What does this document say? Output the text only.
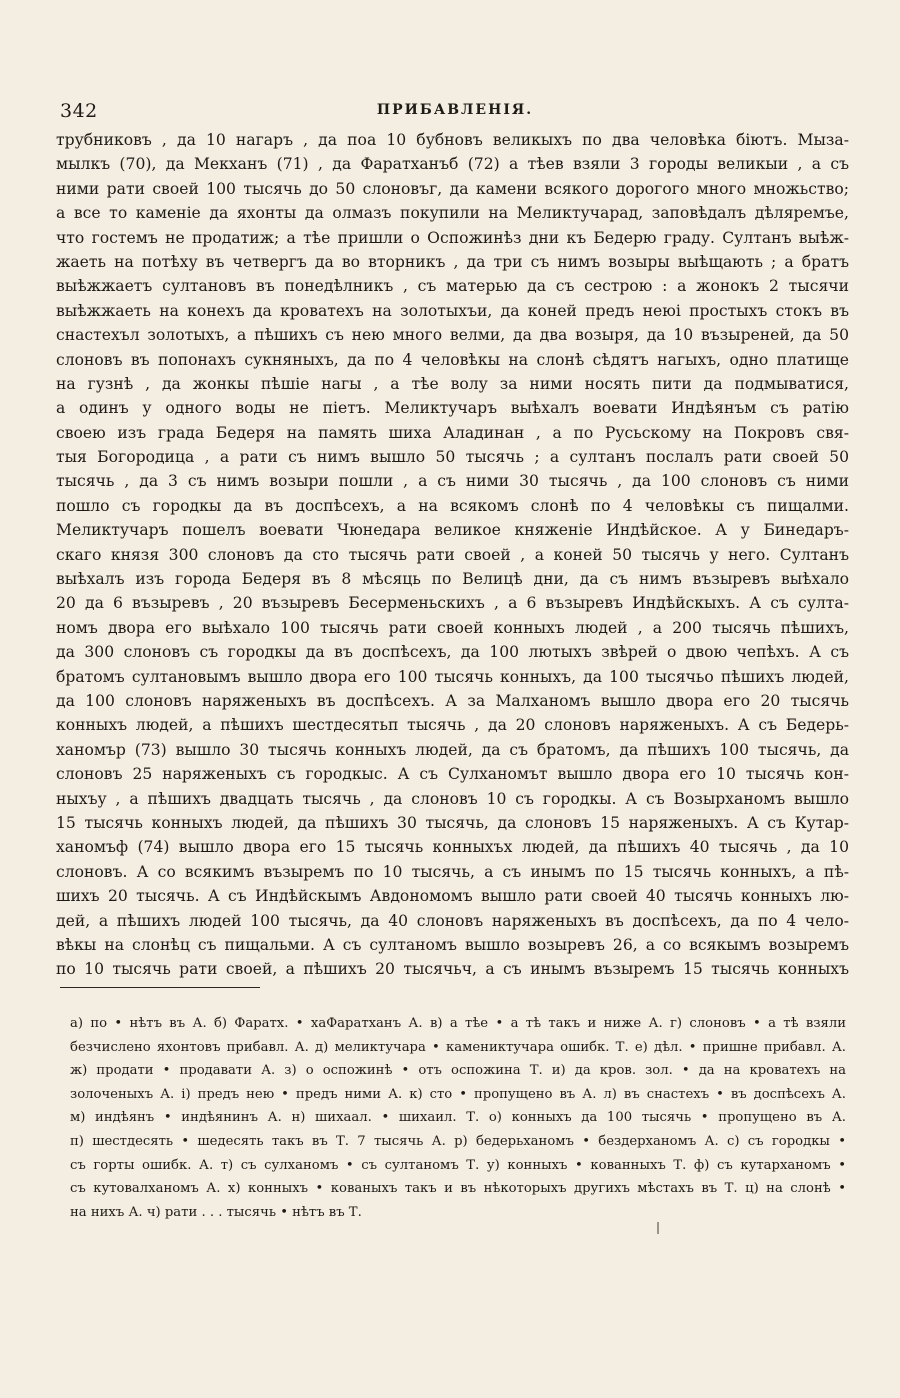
342	ПРИБАВЛЕНІЯ.
трубниковъ , да 10 нагаръ , да поа 10 бубновъ великыхъ по два человѣка біютъ. Мыза-
мылкъ (70), да Мекханъ (71) , да Фаратханъб (72) а тѣев взяли 3 городы великыи , а съ
ними рати своей 100 тысячь до 50 слоновъг, да камени всякого дорогого много множьство;
а все то каменіе да яхонты да олмазъ покупили на Меликтучарад, заповѣдалъ дѣляремъе,
что гостемъ не продатиж; а тѣе пришли о Оспожинѣз дни къ Бедерю граду. Султанъ выѣж-
жаеть на потѣху въ четвергъ да во вторникъ , да три съ нимъ возыры выѣщають ; а братъ
выѣжжаетъ султановъ въ понедѣлникъ , съ матерью да съ сестрою : а жонокъ 2 тысячи
выѣжжаеть на конехъ да кроватехъ на золотыхъи, да коней предъ неюі простыхъ стокъ въ
снастехъл золотыхъ, а пѣшихъ съ нею много велми, да два возыря, да 10 възыреней, да 50
слоновъ въ попонахъ сукняныхъ, да по 4 человѣкы на слонѣ сѣдятъ нагыхъ, одно платище
на гузнѣ , да жонкы пѣшіе нагы , а тѣе волу за ними носять пити да подмыватися,
а одинъ у одного воды не піетъ. Меликтучаръ выѣхалъ воевати Индѣянъм съ ратію
своею изъ града Бедеря на память шиха Аладинан , а по Русьскому на Покровъ свя-
тыя Богородица , а рати съ нимъ вышло 50 тысячь ; а султанъ послалъ рати своей 50
тысячь , да 3 съ нимъ возыри пошли , а съ ними 30 тысячь , да 100 слоновъ съ ними
пошло съ городкы да въ доспѣсехъ, а на всякомъ слонѣ по 4 человѣкы съ пищалми.
Меликтучаръ пошелъ воевати Чюнедара великое княженіе Индѣйское. А у Бинедаръ-
скаго князя 300 слоновъ да сто тысячь рати своей , а коней 50 тысячь у него. Султанъ
выѣхалъ изъ города Бедеря въ 8 мѣсяць по Велицѣ дни, да съ нимъ възыревъ выѣхало
20 да 6 възыревъ , 20 възыревъ Бесерменьскихъ , а 6 възыревъ Индѣйскыхъ. А съ султа-
номъ двора его выѣхало 100 тысячь рати своей конныхъ людей , а 200 тысячь пѣшихъ,
да 300 слоновъ съ городкы да въ доспѣсехъ, да 100 лютыхъ звѣрей о двою чепѣхъ. А съ
братомъ султановымъ вышло двора его 100 тысячь конныхъ, да 100 тысячьо пѣшихъ людей,
да 100 слоновъ наряженыхъ въ доспѣсехъ. А за Малханомъ вышло двора его 20 тысячь
конныхъ людей, а пѣшихъ шестдесятьп тысячь , да 20 слоновъ наряженыхъ. А съ Бедерь-
ханомър (73) вышло 30 тысячь конныхъ людей, да съ братомъ, да пѣшихъ 100 тысячь, да
слоновъ 25 наряженыхъ съ городкыс. А съ Сулханомът вышло двора его 10 тысячь кон-
ныхъу , а пѣшихъ двадцать тысячь , да слоновъ 10 съ городкы. А съ Возырханомъ вышло
15 тысячь конныхъ людей, да пѣшихъ 30 тысячь, да слоновъ 15 наряженыхъ. А съ Кутар-
ханомъф (74) вышло двора его 15 тысячь конныхъх людей, да пѣшихъ 40 тысячь , да 10
слоновъ. А со всякимъ възыремъ по 10 тысячь, а съ инымъ по 15 тысячь конныхъ, а пѣ-
шихъ 20 тысячь. А съ Индѣйскымъ Авдономомъ вышло рати своей 40 тысячь конныхъ лю-
дей, а пѣшихъ людей 100 тысячь, да 40 слоновъ наряженыхъ въ доспѣсехъ, да по 4 чело-
вѣкы на слонѣц съ пищальми. А съ султаномъ вышло возыревъ 26, а со всякымъ возыремъ
по 10 тысячь рати своей, а пѣшихъ 20 тысячьч, а съ инымъ възыремъ 15 тысячь конныхъ
а) по • нѣтъ въ А. б) Фаратх. • хаФаратханъ А. в) а тѣе • а тѣ такъ и ниже А. г) слоновъ • а тѣ взяли
безчислено яхонтовъ прибавл. А. д) меликтучара • камениктучара ошибк. Т. е) дѣл. • пришне прибавл. А.
ж) продати • продавати А. з) о оспожинѣ • отъ оспожина Т. и) да кров. зол. • да на кроватехъ на
золоченыхъ А. і) предъ нею • предъ ними А. к) сто • пропущено въ А. л) въ снастехъ • въ доспѣсехъ А.
м) индѣянъ • индѣянинъ А. н) шихаал. • шихаил. Т. о) конныхъ да 100 тысячь • пропущено въ А.
п) шестдесять • шедесять такъ въ Т. 7 тысячь А. р) бедерьханомъ • бездерханомъ А. с) съ городкы •
съ горты ошибк. А. т) съ сулханомъ • съ султаномъ Т. у) конныхъ • кованныхъ Т. ф) съ кутарханомъ •
съ кутовалханомъ А. х) конныхъ • кованыхъ такъ и въ нѣкоторыхъ другихъ мѣстахъ въ Т. ц) на слонѣ •
на нихъ А. ч) рати . . . тысячь • нѣтъ въ Т.
